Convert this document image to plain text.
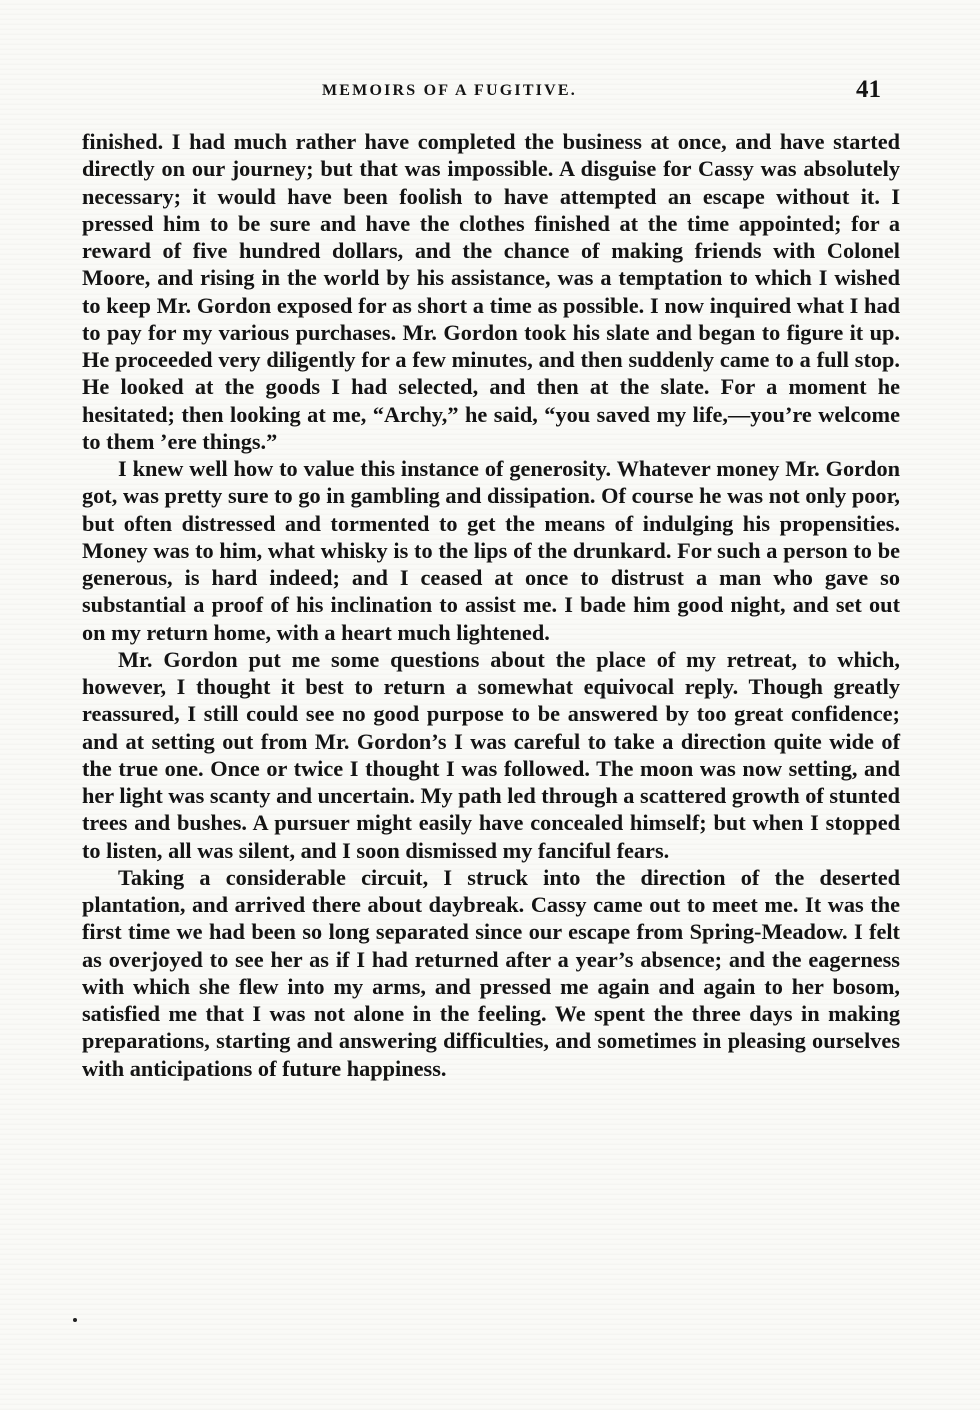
MEMOIRS OF A FUGITIVE.	41

finished. I had much rather have completed the business at once, and have started directly on our journey; but that was impossible. A disguise for Cassy was absolutely necessary; it would have been foolish to have attempted an escape without it. I pressed him to be sure and have the clothes finished at the time appointed; for a reward of five hundred dollars, and the chance of making friends with Colonel Moore, and rising in the world by his assistance, was a temptation to which I wished to keep Mr. Gordon exposed for as short a time as possible. I now inquired what I had to pay for my various purchases. Mr. Gordon took his slate and began to figure it up. He proceeded very diligently for a few minutes, and then suddenly came to a full stop. He looked at the goods I had selected, and then at the slate. For a moment he hesitated; then looking at me, “Archy,” he said, “you saved my life,—you’re welcome to them ’ere things.”

I knew well how to value this instance of generosity. Whatever money Mr. Gordon got, was pretty sure to go in gambling and dissipation. Of course he was not only poor, but often distressed and tormented to get the means of indulging his propensities. Money was to him, what whisky is to the lips of the drunkard. For such a person to be generous, is hard indeed; and I ceased at once to distrust a man who gave so substantial a proof of his inclination to assist me. I bade him good night, and set out on my return home, with a heart much lightened.

Mr. Gordon put me some questions about the place of my retreat, to which, however, I thought it best to return a somewhat equivocal reply. Though greatly reassured, I still could see no good purpose to be answered by too great confidence; and at setting out from Mr. Gordon’s I was careful to take a direction quite wide of the true one. Once or twice I thought I was followed. The moon was now setting, and her light was scanty and uncertain. My path led through a scattered growth of stunted trees and bushes. A pursuer might easily have concealed himself; but when I stopped to listen, all was silent, and I soon dismissed my fanciful fears.

Taking a considerable circuit, I struck into the direction of the deserted plantation, and arrived there about daybreak. Cassy came out to meet me. It was the first time we had been so long separated since our escape from Spring-Meadow. I felt as overjoyed to see her as if I had returned after a year’s absence; and the eagerness with which she flew into my arms, and pressed me again and again to her bosom, satisfied me that I was not alone in the feeling. We spent the three days in making preparations, starting and answering difficulties, and sometimes in pleasing ourselves with anticipations of future happiness.
